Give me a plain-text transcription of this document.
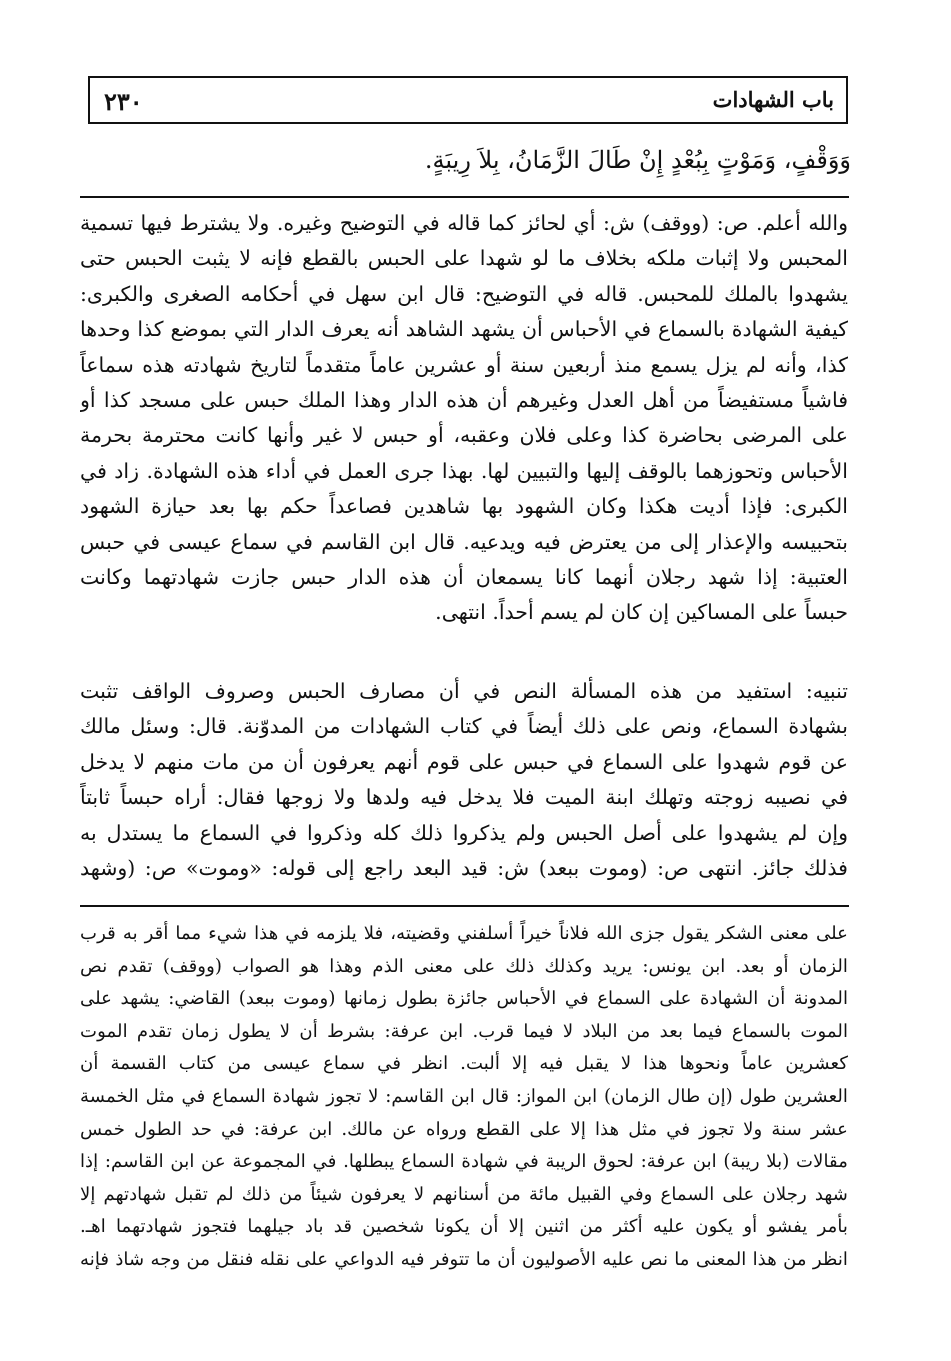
٢٣٠	باب الشهادات
وَوَقْفٍ، وَمَوْتٍ بِبُعْدٍ إِنْ طَالَ الزَّمَانُ، بِلاَ رِيبَةٍ.
والله أعلم. ص: (ووقف) ش: أي لحائز كما قاله في التوضيح وغيره. ولا يشترط فيها تسمية
المحبس ولا إثبات ملكه بخلاف ما لو شهدا على الحبس بالقطع فإنه لا يثبت الحبس حتى
يشهدوا بالملك للمحبس. قاله في التوضيح: قال ابن سهل في أحكامه الصغرى والكبرى:
كيفية الشهادة بالسماع في الأحباس أن يشهد الشاهد أنه يعرف الدار التي بموضع كذا وحدها
كذا، وأنه لم يزل يسمع منذ أربعين سنة أو عشرين عاماً متقدماً لتاريخ شهادته هذه سماعاً
فاشياً مستفيضاً من أهل العدل وغيرهم أن هذه الدار وهذا الملك حبس على مسجد كذا أو
على المرضى بحاضرة كذا وعلى فلان وعقبه، أو حبس لا غير وأنها كانت محترمة بحرمة
الأحباس وتحوزهما بالوقف إليها والتبيين لها. بهذا جرى العمل في أداء هذه الشهادة. زاد في
الكبرى: فإذا أديت هكذا وكان الشهود بها شاهدين فصاعداً حكم بها بعد حيازة الشهود
بتحبيسه والإعذار إلى من يعترض فيه ويدعيه. قال ابن القاسم في سماع عيسى في حبس
العتبية: إذا شهد رجلان أنهما كانا يسمعان أن هذه الدار حبس جازت شهادتهما وكانت
حبساً على المساكين إن كان لم يسم أحداً. انتهى.
تنبيه: استفيد من هذه المسألة النص في أن مصارف الحبس وصروف الواقف تثبت
بشهادة السماع، ونص على ذلك أيضاً في كتاب الشهادات من المدوّنة. قال: وسئل مالك
عن قوم شهدوا على السماع في حبس على قوم أنهم يعرفون أن من مات منهم لا يدخل
في نصيبه زوجته وتهلك ابنة الميت فلا يدخل فيه ولدها ولا زوجها فقال: أراه حبساً ثابتاً
وإن لم يشهدوا على أصل الحبس ولم يذكروا ذلك كله وذكروا في السماع ما يستدل به
فذلك جائز. انتهى ص: (وموت ببعد) ش: قيد البعد راجع إلى قوله: «وموت» ص: (وشهد
على معنى الشكر يقول جزى الله فلاناً خيراً أسلفني وقضيته، فلا يلزمه في هذا شيء مما أقر به قرب
الزمان أو بعد. ابن يونس: يريد وكذلك ذلك على معنى الذم وهذا هو الصواب (ووقف) تقدم نص
المدونة أن الشهادة على السماع في الأحباس جائزة بطول زمانها (وموت ببعد) القاضي: يشهد على
الموت بالسماع فيما بعد من البلاد لا فيما قرب. ابن عرفة: بشرط أن لا يطول زمان تقدم الموت
كعشرين عاماً ونحوها هذا لا يقبل فيه إلا ألبت. انظر في سماع عيسى من كتاب القسمة أن
العشرين طول (إن طال الزمان) ابن المواز: قال ابن القاسم: لا تجوز شهادة السماع في مثل الخمسة
عشر سنة ولا تجوز في مثل هذا إلا على القطع ورواه عن مالك. ابن عرفة: في حد الطول خمس
مقالات (بلا ريبة) ابن عرفة: لحوق الريبة في شهادة السماع يبطلها. في المجموعة عن ابن القاسم: إذا
شهد رجلان على السماع وفي القبيل مائة من أسنانهم لا يعرفون شيئاً من ذلك لم تقبل شهادتهم إلا
بأمر يفشو أو يكون عليه أكثر من اثنين إلا أن يكونا شخصين قد باد جيلهما فتجوز شهادتهما اهـ.
انظر من هذا المعنى ما نص عليه الأصوليون أن ما تتوفر فيه الدواعي على نقله فنقل من وجه شاذ فإنه
